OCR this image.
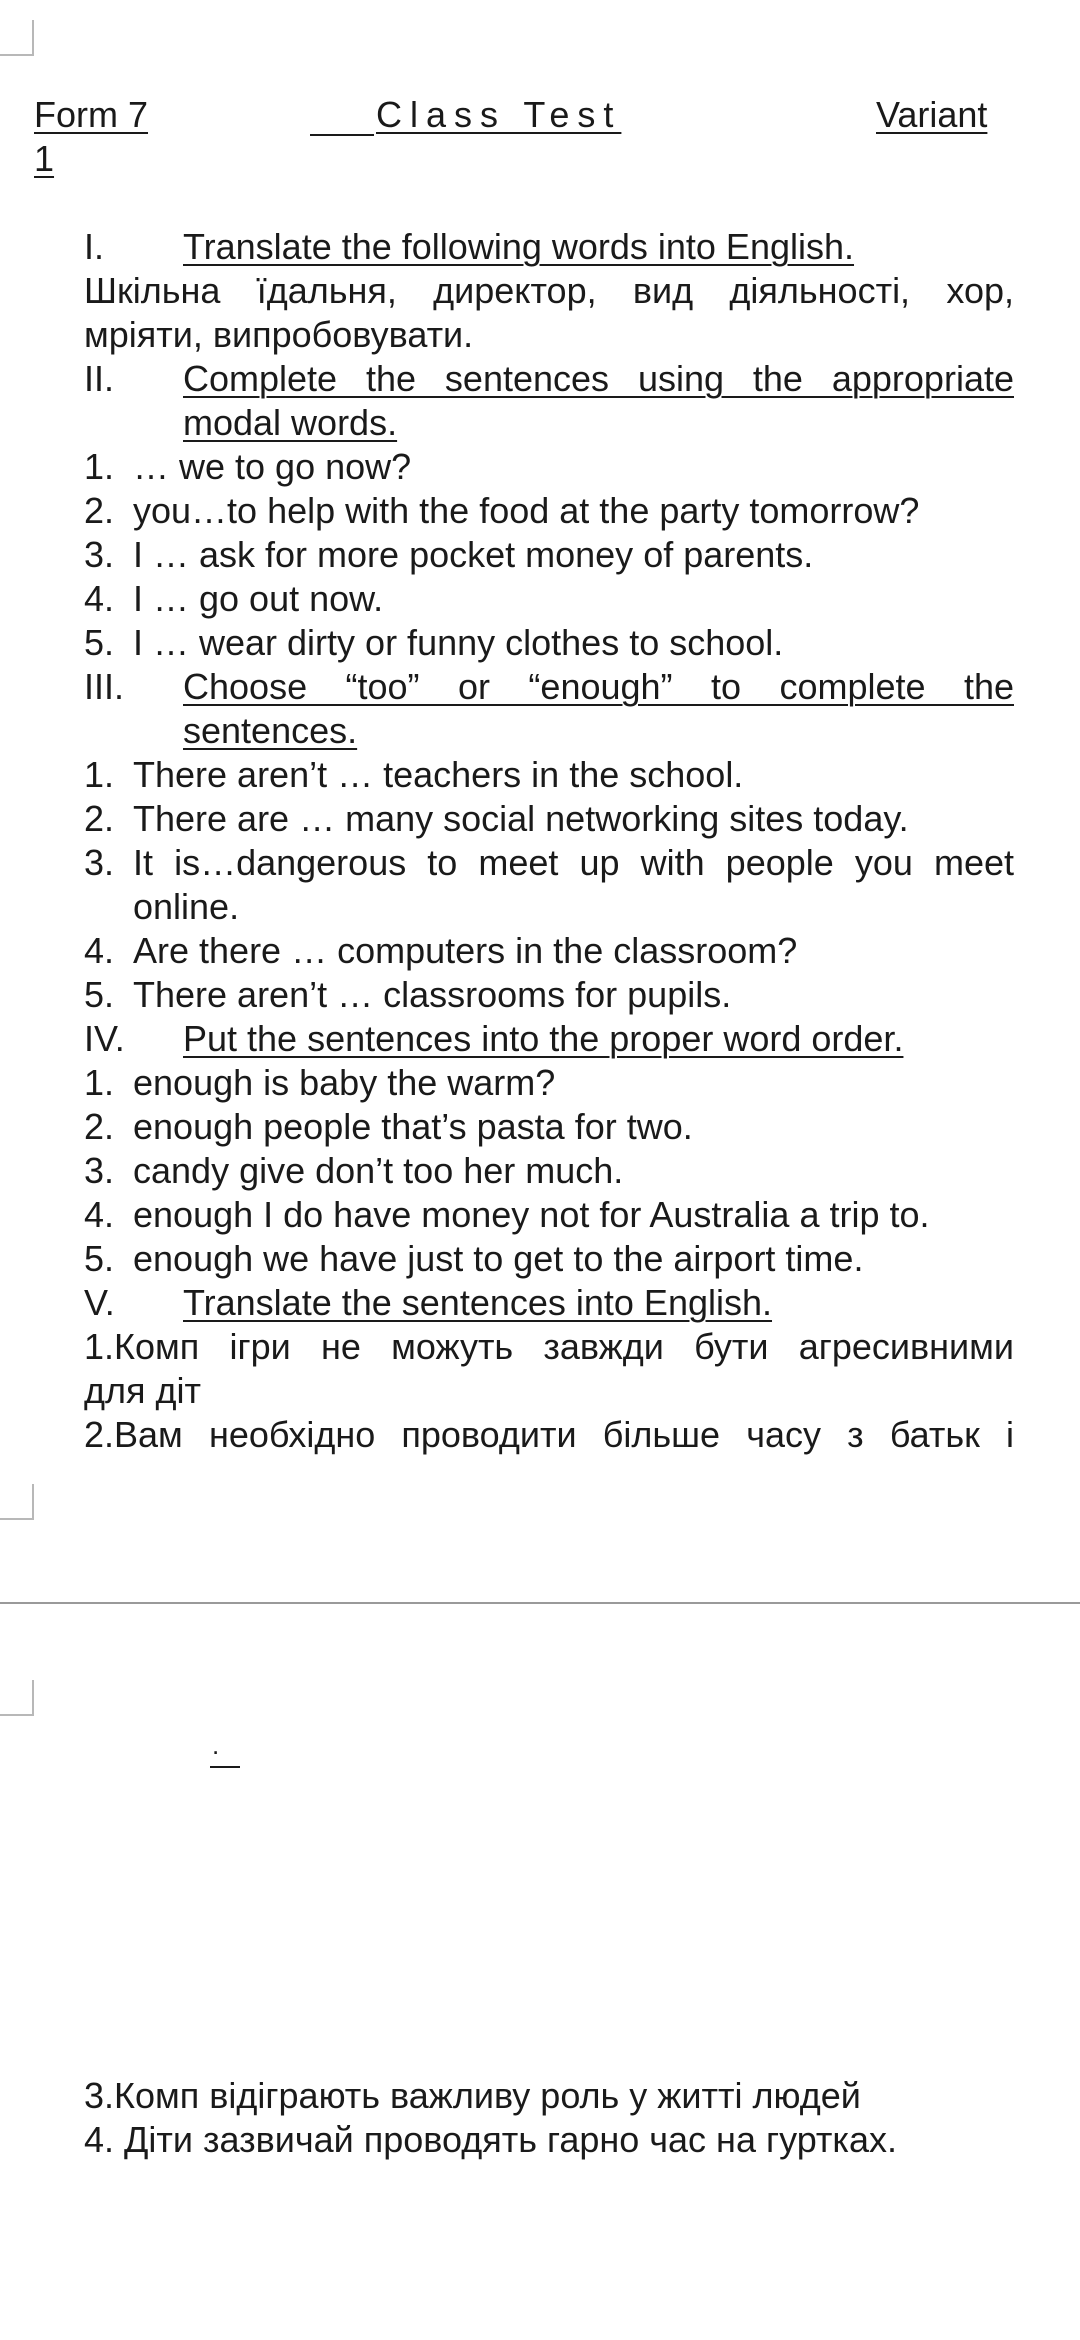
Form 7	Class Test	Variant
1
I. Translate the following words into English.
Шкільна їдальня, директор, вид діяльності, хор,
мріяти, випробовувати.
II. Complete the sentences using the appropriate
modal words.
1. … we to go now?
2. you…to help with the food at the party tomorrow?
3. I … ask for more pocket money of parents.
4. I … go out now.
5. I … wear dirty or funny clothes to school.
III. Choose “too” or “enough” to complete the
sentences.
1. There aren’t … teachers in the school.
2. There are … many social networking sites today.
3. It is…dangerous to meet up with people you meet
online.
4. Are there … computers in the classroom?
5. There aren’t … classrooms for pupils.
IV. Put the sentences into the proper word order.
1. enough is baby the warm?
2. enough people that’s pasta for two.
3. candy give don’t too her much.
4. enough I do have money not for Australia a trip to.
5. enough we have just to get to the airport time.
V. Translate the sentences into English.
1.Комп ігри не можуть завжди бути агресивними
для діт
2.Вам необхідно проводити більше часу з батьк і
.
3.Комп відіграють важливу роль у житті людей
4. Діти зазвичай проводять гарно час на гуртках.
